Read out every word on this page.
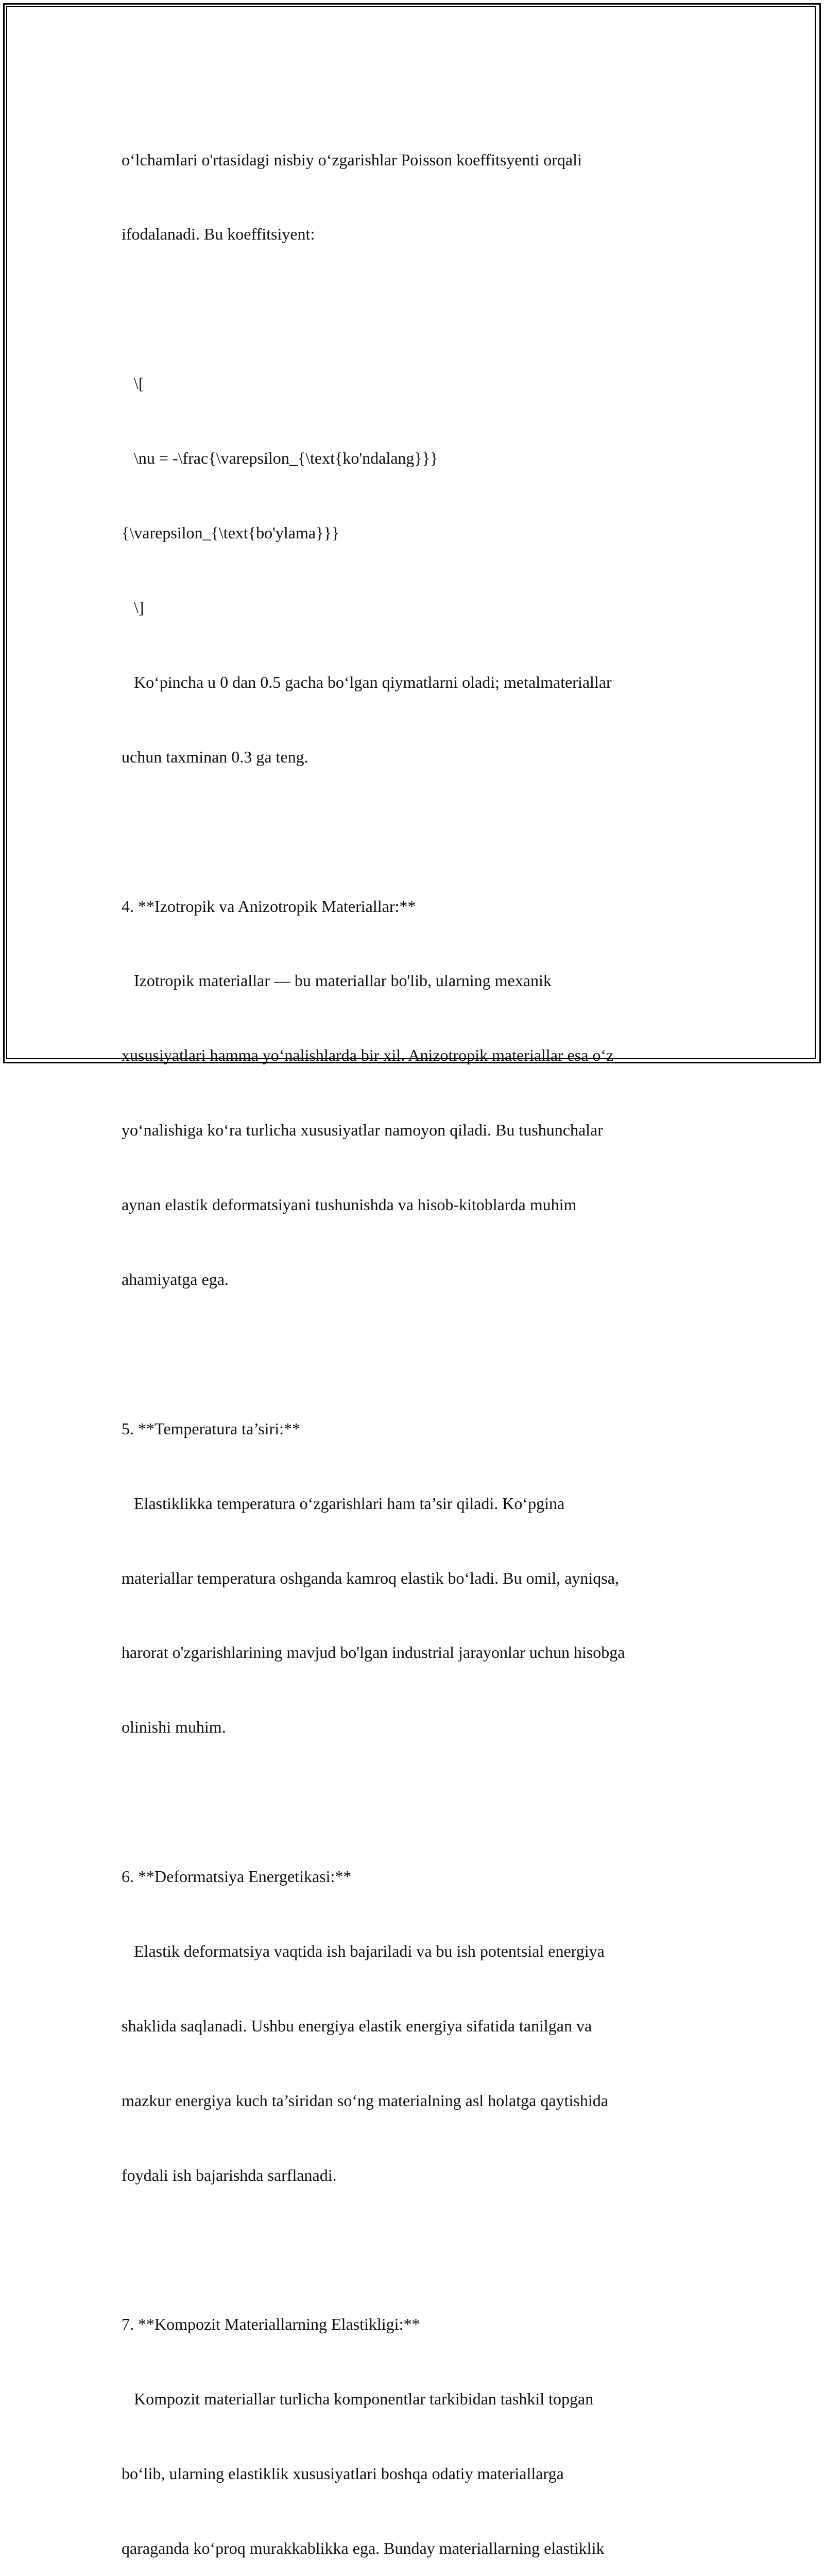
o‘lchamlari o'rtasidagi nisbiy o‘zgarishlar Poisson koeffitsyenti orqali

ifodalanadi. Bu koeffitsiyent:

\[

\nu = -\frac{\varepsilon_{\text{ko'ndalang}}}

{\varepsilon_{\text{bo'ylama}}}

\]

Ko‘pincha u 0 dan 0.5 gacha bo‘lgan qiymatlarni oladi; metalmateriallar

uchun taxminan 0.3 ga teng.

4. **Izotropik va Anizotropik Materiallar:**

Izotropik materiallar — bu materiallar bo'lib, ularning mexanik

xususiyatlari hamma yo‘nalishlarda bir xil. Anizotropik materiallar esa o‘z

yo‘nalishiga ko‘ra turlicha xususiyatlar namoyon qiladi. Bu tushunchalar

aynan elastik deformatsiyani tushunishda va hisob-kitoblarda muhim

ahamiyatga ega.

5. **Temperatura ta’siri:**

Elastiklikka temperatura o‘zgarishlari ham ta’sir qiladi. Ko‘pgina

materiallar temperatura oshganda kamroq elastik bo‘ladi. Bu omil, ayniqsa,

harorat o'zgarishlarining mavjud bo'lgan industrial jarayonlar uchun hisobga

olinishi muhim.

6. **Deformatsiya Energetikasi:**

Elastik deformatsiya vaqtida ish bajariladi va bu ish potentsial energiya

shaklida saqlanadi. Ushbu energiya elastik energiya sifatida tanilgan va

mazkur energiya kuch ta’siridan so‘ng materialning asl holatga qaytishida

foydali ish bajarishda sarflanadi.

7. **Kompozit Materiallarning Elastikligi:**

Kompozit materiallar turlicha komponentlar tarkibidan tashkil topgan

bo‘lib, ularning elastiklik xususiyatlari boshqa odatiy materiallarga

qaraganda ko‘proq murakkablikka ega. Bunday materiallarning elastiklik
